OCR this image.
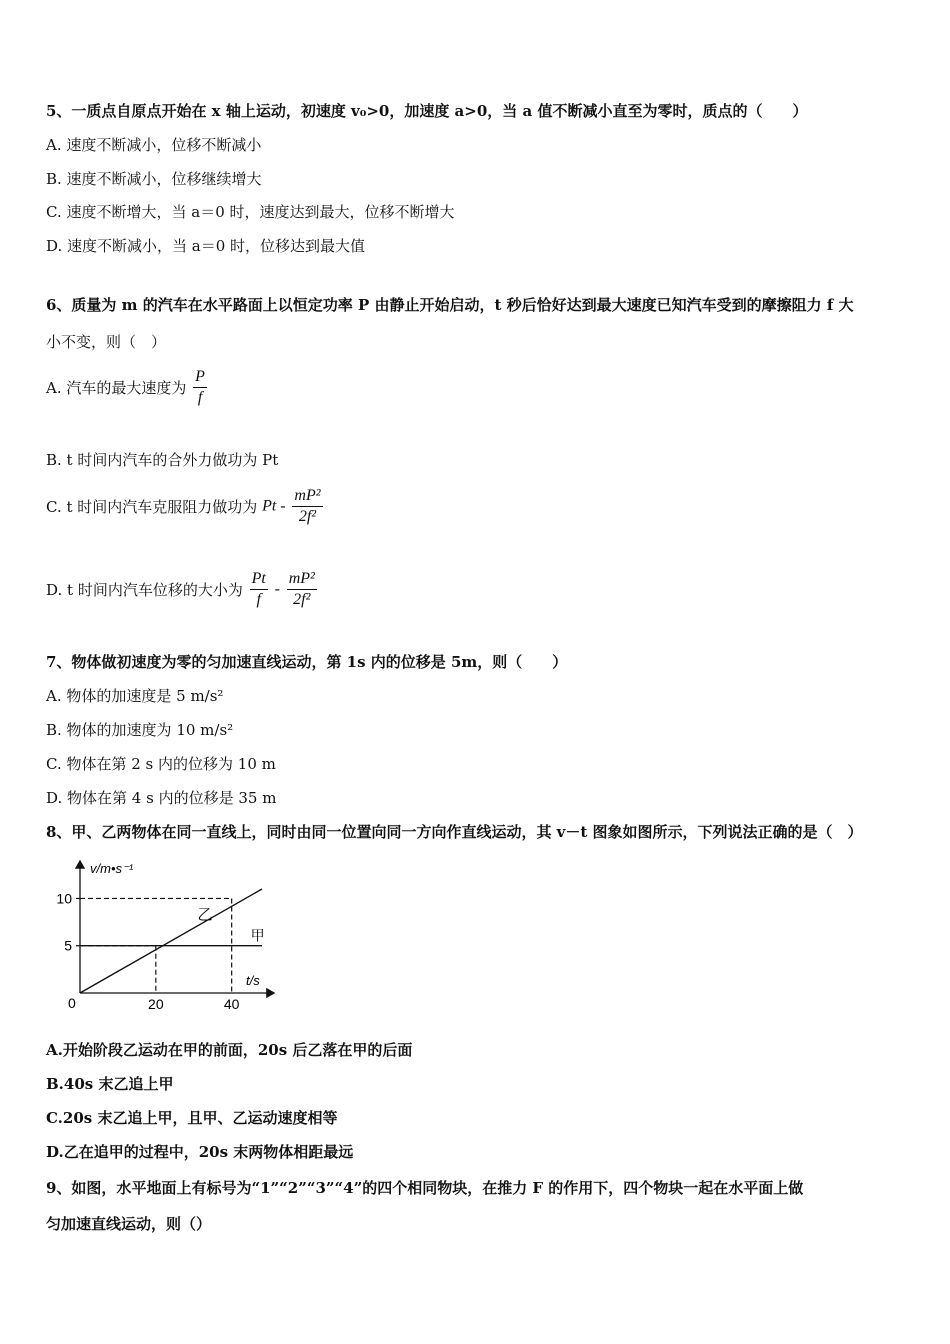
5、一质点自原点开始在 x 轴上运动，初速度 v₀>0，加速度 a>0，当 a 值不断减小直至为零时，质点的（　　）
A. 速度不断减小，位移不断减小
B. 速度不断减小，位移继续增大
C. 速度不断增大，当 a＝0 时，速度达到最大，位移不断增大
D. 速度不断减小，当 a＝0 时，位移达到最大值
6、质量为 m 的汽车在水平路面上以恒定功率 P 由静止开始启动，t 秒后恰好达到最大速度已知汽车受到的摩擦阻力 f 大
小不变，则（　）
A. 汽车的最大速度为 $\frac{P}{f}$
B. t 时间内汽车的合外力做功为 Pt
C. t 时间内汽车克服阻力做功为 Pt - $\frac{\text{mP²}}{\text{2f²}}$
D. t 时间内汽车位移的大小为 $\frac{Pt}{f} - \frac{\text{mP²}}{\text{2f²}}$
7、物体做初速度为零的匀加速直线运动，第 1s 内的位移是 5m，则（　　）
A. 物体的加速度是 5 m/s²
B. 物体的加速度为 10 m/s²
C. 物体在第 2 s 内的位移为 10 m
D. 物体在第 4 s 内的位移是 35 m
8、甲、乙两物体在同一直线上，同时由同一位置向同一方向作直线运动，其 v－t 图象如图所示，下列说法正确的是（　）
v/m•s⁻¹
t/s
0
5
10
20	40
甲
乙
A.开始阶段乙运动在甲的前面，20s 后乙落在甲的后面
B.40s 末乙追上甲
C.20s 末乙追上甲，且甲、乙运动速度相等
D.乙在追甲的过程中，20s 末两物体相距最远
9、如图，水平地面上有标号为“1”“2”“3”“4”的四个相同物块，在推力 F 的作用下，四个物块一起在水平面上做
匀加速直线运动，则（）
